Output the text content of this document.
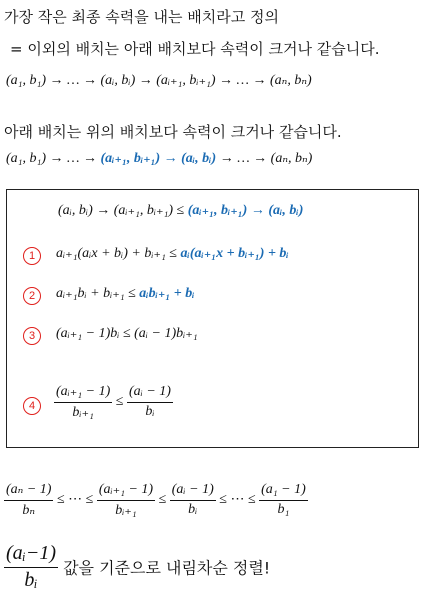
가장 작은 최종 속력을 내는 배치라고 정의
= 이외의 배치는 아래 배치보다 속력이 크거나 같습니다.
(a₁, b₁) → … → (aᵢ, bᵢ) → (aᵢ₊₁, bᵢ₊₁) → … → (aₙ, bₙ)
아래 배치는 위의 배치보다 속력이 크거나 같습니다.
(a₁, b₁) → … → (aᵢ₊₁, bᵢ₊₁) → (aᵢ, bᵢ) → … → (aₙ, bₙ)
(aᵢ, bᵢ) → (aᵢ₊₁, bᵢ₊₁) ≤ (aᵢ₊₁, bᵢ₊₁) → (aᵢ, bᵢ)
1	aᵢ₊₁(aᵢx + bᵢ) + bᵢ₊₁ ≤ aᵢ(aᵢ₊₁x + bᵢ₊₁) + bᵢ
2	aᵢ₊₁bᵢ + bᵢ₊₁ ≤ aᵢbᵢ₊₁ + bᵢ
3	(aᵢ₊₁ − 1)bᵢ ≤ (aᵢ − 1)bᵢ₊₁
4	$\frac{\text{(aᵢ₊₁ − 1)}}{\text{bᵢ₊₁}} \le \frac{\text{(aᵢ − 1)}}{\text{bᵢ}}$
$\frac{\text{(aₙ − 1)}}{\text{bₙ}}$ ≤ ⋯ ≤ $\frac{\text{(aᵢ₊₁ − 1)}}{\text{bᵢ₊₁}} \le \frac{\text{(aᵢ − 1)}}{\text{bᵢ}}$ ≤ ⋯ ≤ $\frac{\text{(a₁ − 1)}}{\text{b₁}}$
$\frac{\text{(aᵢ−1)}}{\text{bᵢ}}$ 값을 기준으로 내림차순 정렬!
